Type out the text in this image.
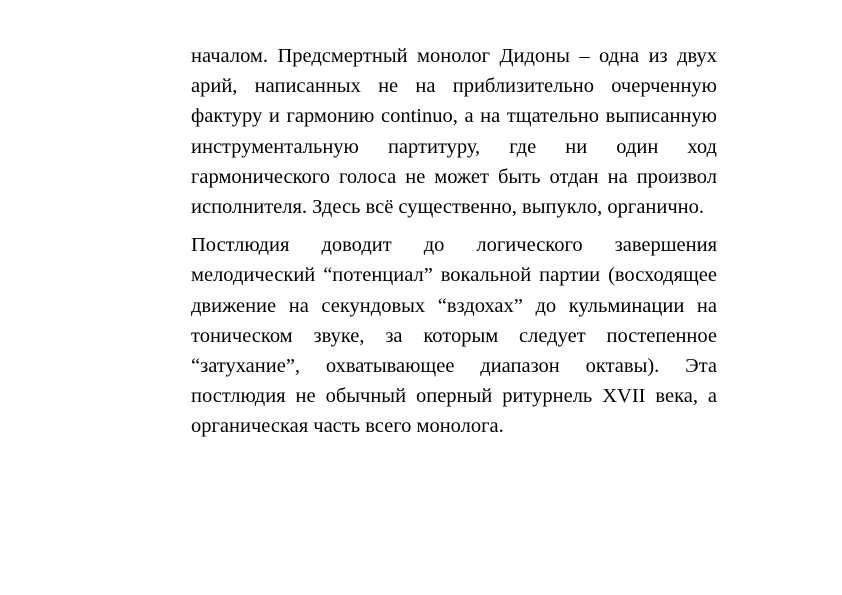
началом. Предсмертный монолог Дидоны – одна из двух арий, написанных не на приблизительно очерченную фактуру и гармонию continuo, а на тщательно выписанную инструментальную партитуру, где ни один ход гармонического голоса не может быть отдан на произвол исполнителя. Здесь всё существенно, выпукло, органично.

Постлюдия доводит до логического завершения мелодический “потенциал” вокальной партии (восходящее движение на секундовых “вздохах” до кульминации на тоническом звуке, за которым следует постепенное “затухание”, охватывающее диапазон октавы). Эта постлюдия не обычный оперный ритурнель XVII века, а органическая часть всего монолога.
